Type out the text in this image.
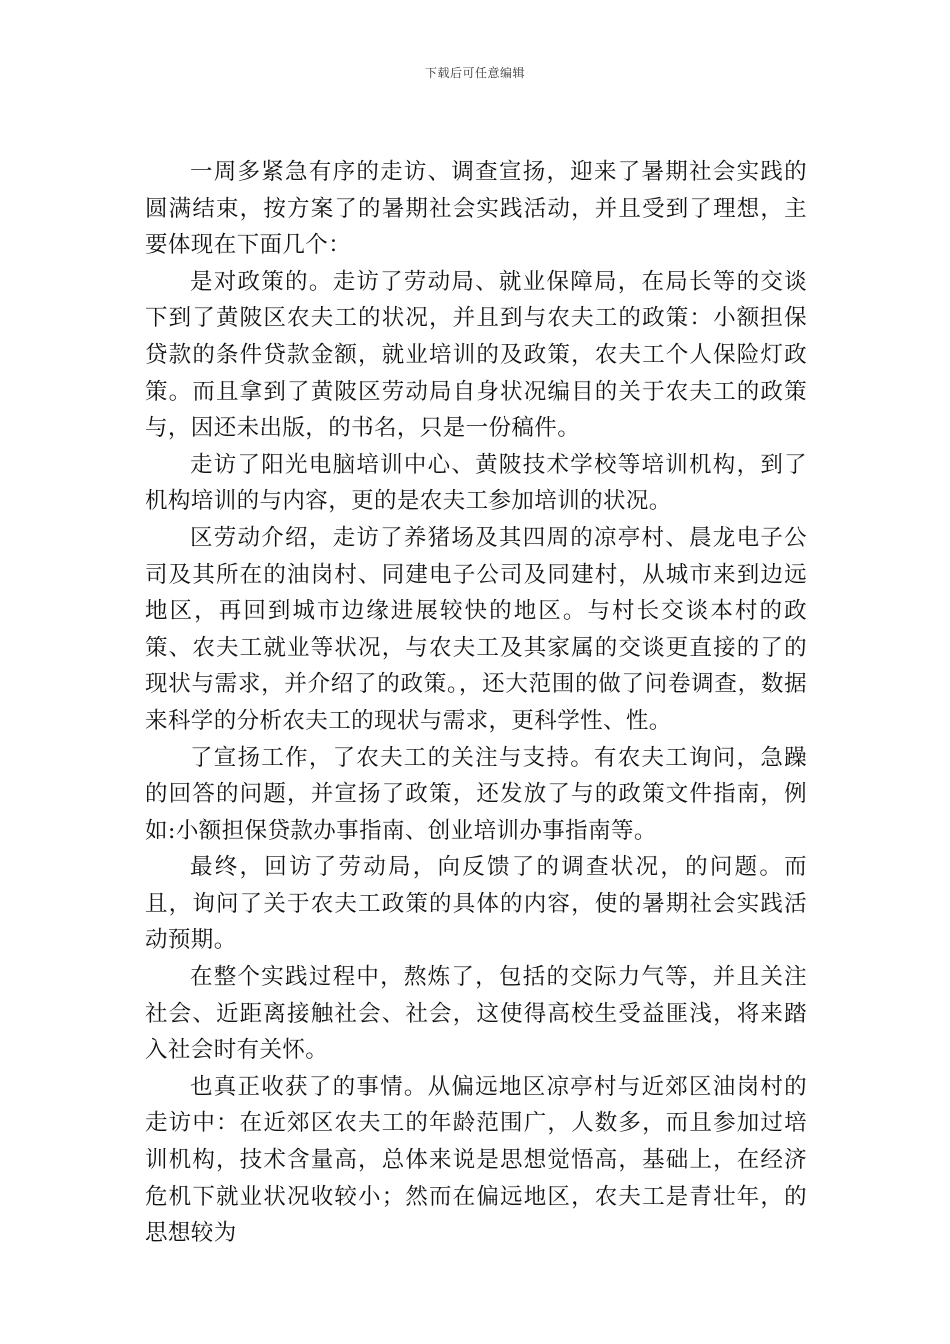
下载后可任意编辑

一周多紧急有序的走访、调查宣扬，迎来了暑期社会实践的圆满结束，按方案了的暑期社会实践活动，并且受到了理想，主要体现在下面几个：

是对政策的。走访了劳动局、就业保障局，在局长等的交谈下到了黄陂区农夫工的状况，并且到与农夫工的政策：小额担保贷款的条件贷款金额，就业培训的及政策，农夫工个人保险灯政策。而且拿到了黄陂区劳动局自身状况编目的关于农夫工的政策与，因还未出版，的书名，只是一份稿件。

走访了阳光电脑培训中心、黄陂技术学校等培训机构，到了机构培训的与内容，更的是农夫工参加培训的状况。

区劳动介绍，走访了养猪场及其四周的凉亭村、晨龙电子公司及其所在的油岗村、同建电子公司及同建村，从城市来到边远地区，再回到城市边缘进展较快的地区。与村长交谈本村的政策、农夫工就业等状况，与农夫工及其家属的交谈更直接的了的现状与需求，并介绍了的政策。，还大范围的做了问卷调查，数据来科学的分析农夫工的现状与需求，更科学性、性。

了宣扬工作，了农夫工的关注与支持。有农夫工询问，急躁的回答的问题，并宣扬了政策，还发放了与的政策文件指南，例如:小额担保贷款办事指南、创业培训办事指南等。

最终，回访了劳动局，向反馈了的调查状况，的问题。而且，询问了关于农夫工政策的具体的内容，使的暑期社会实践活动预期。

在整个实践过程中，熬炼了，包括的交际力气等，并且关注社会、近距离接触社会、社会，这使得高校生受益匪浅，将来踏入社会时有关怀。

也真正收获了的事情。从偏远地区凉亭村与近郊区油岗村的走访中：在近郊区农夫工的年龄范围广，人数多，而且参加过培训机构，技术含量高，总体来说是思想觉悟高，基础上，在经济危机下就业状况收较小；然而在偏远地区，农夫工是青壮年，的思想较为
